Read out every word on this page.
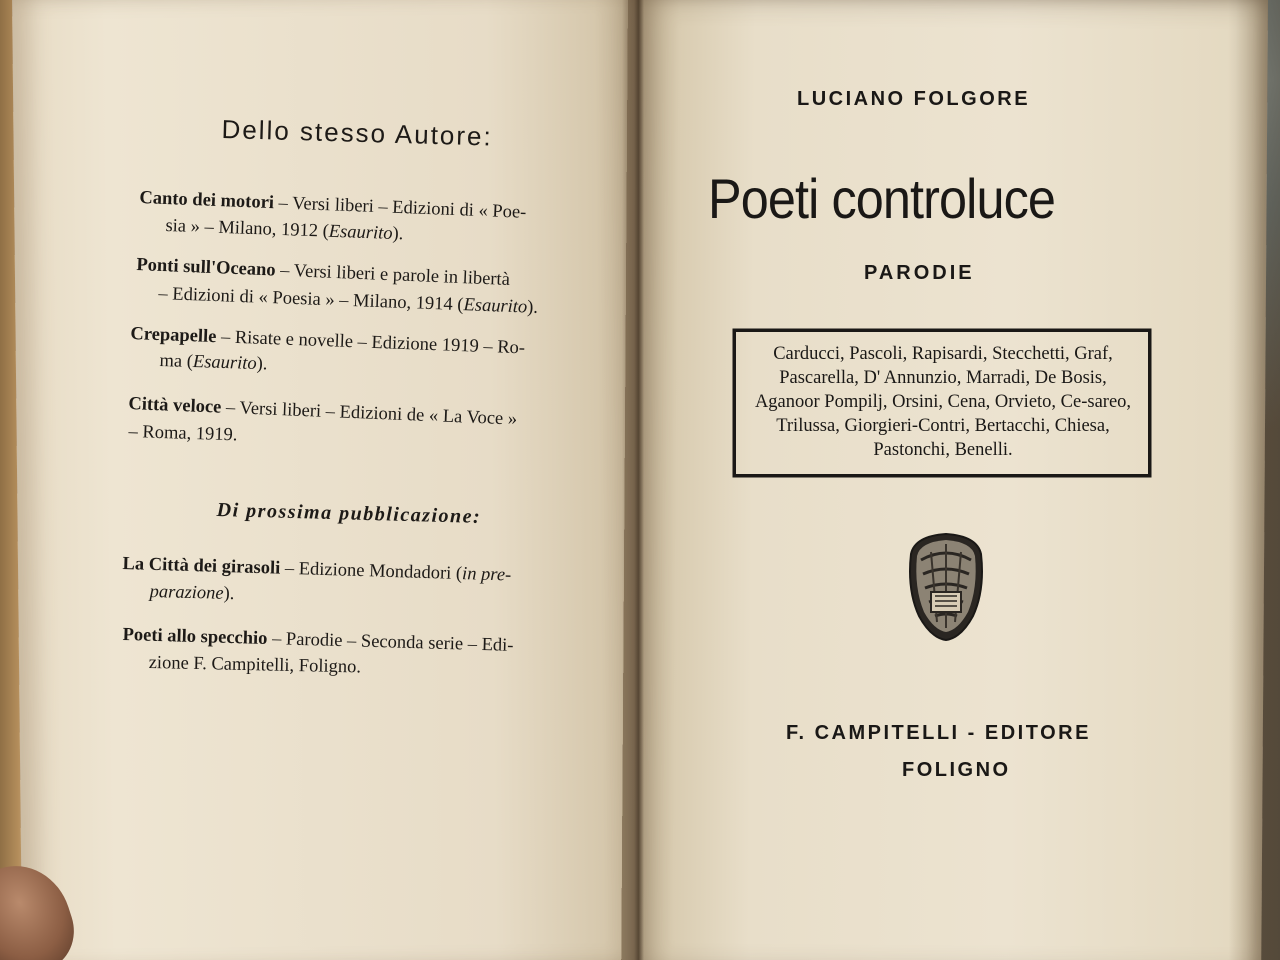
Dello stesso Autore:
Canto dei motori – Versi liberi – Edizioni di « Poe-
sia » – Milano, 1912 (Esaurito).
Ponti sull'Oceano – Versi liberi e parole in libertà
– Edizioni di « Poesia » – Milano, 1914 (Esaurito).
Crepapelle – Risate e novelle – Edizione 1919 – Ro-
ma (Esaurito).
Città veloce – Versi liberi – Edizioni de « La Voce »
– Roma, 1919.
Di prossima pubblicazione:
La Città dei girasoli – Edizione Mondadori (in pre-
parazione).
Poeti allo specchio – Parodie – Seconda serie – Edi-
zione F. Campitelli, Foligno.
LUCIANO FOLGORE
Poeti controluce
PARODIE
Carducci, Pascoli, Rapisardi, Stecchetti, Graf, Pascarella, D' Annunzio, Marradi, De Bosis, Aganoor Pompilj, Orsini, Cena, Orvieto, Ce-sareo, Trilussa, Giorgieri-Contri, Bertacchi, Chiesa, Pastonchi, Benelli.
F. CAMPITELLI - EDITORE
FOLIGNO
